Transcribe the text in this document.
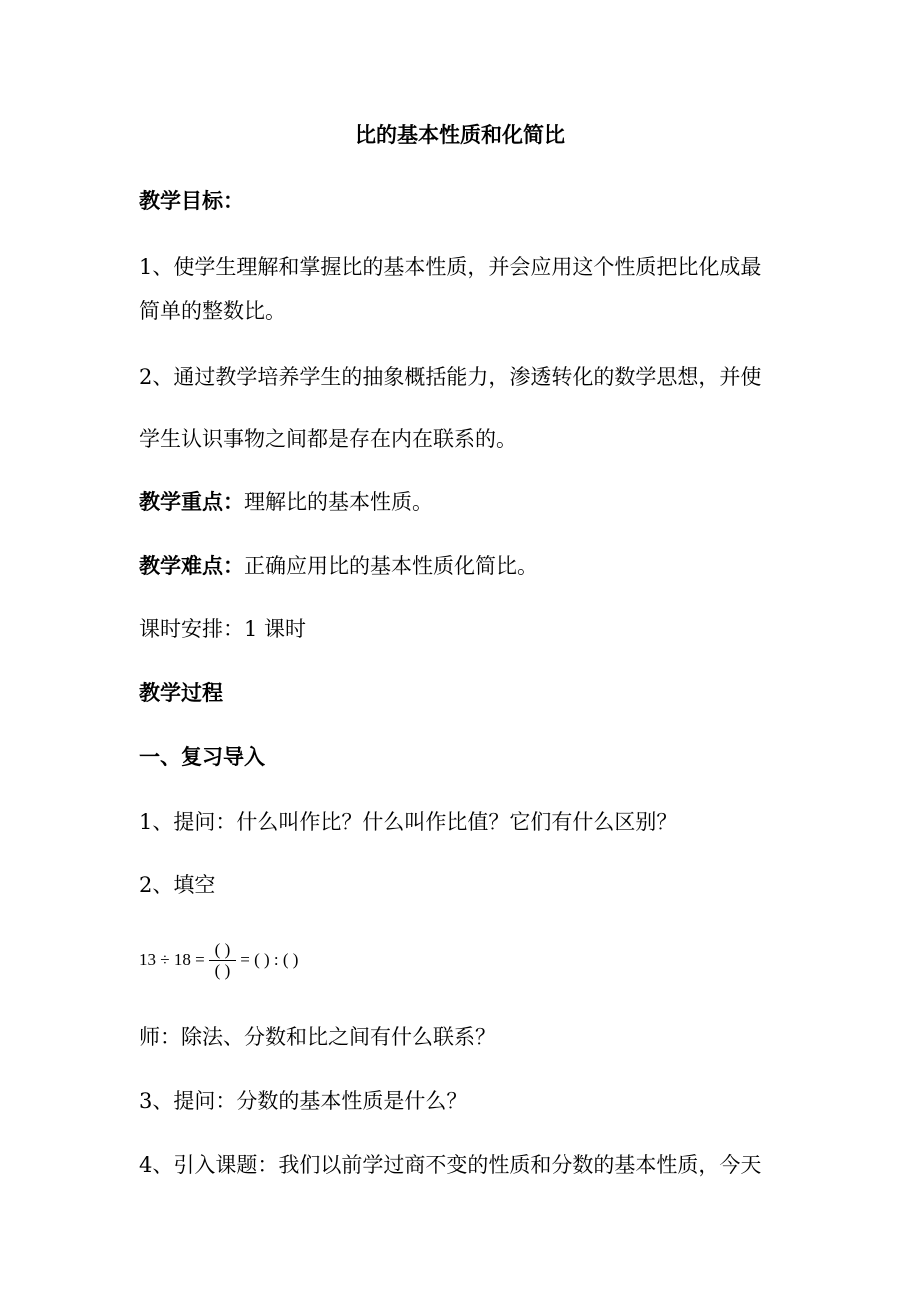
比的基本性质和化简比
教学目标：
1、使学生理解和掌握比的基本性质，并会应用这个性质把比化成最
简单的整数比。
2、通过教学培养学生的抽象概括能力，渗透转化的数学思想，并使
学生认识事物之间都是存在内在联系的。
教学重点：理解比的基本性质。
教学难点：正确应用比的基本性质化简比。
课时安排：1 课时
教学过程
一、复习导入
1、提问：什么叫作比？什么叫作比值？它们有什么区别？
2、填空
$13 \div 18 = \frac{( )}{( )}$ = ( ) : ( )
师：除法、分数和比之间有什么联系？
3、提问：分数的基本性质是什么？
4、引入课题：我们以前学过商不变的性质和分数的基本性质，今天
